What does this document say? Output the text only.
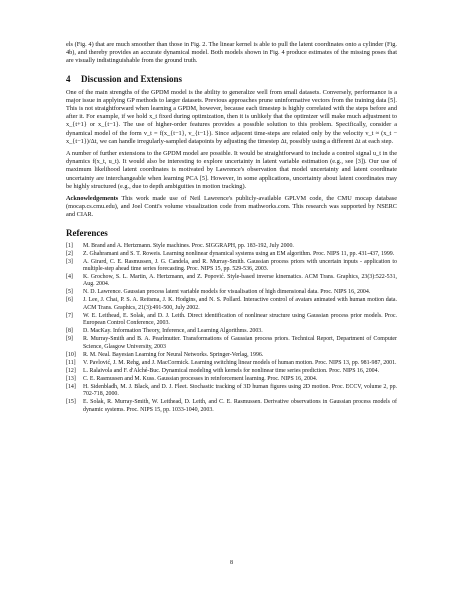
els (Fig. 4) that are much smoother than those in Fig. 2. The linear kernel is able to pull the latent coordinates onto a cylinder (Fig. 4b), and thereby provides an accurate dynamical model. Both models shown in Fig. 4 produce estimates of the missing poses that are visually indistinguishable from the ground truth.

4 Discussion and Extensions

One of the main strengths of the GPDM model is the ability to generalize well from small datasets. Conversely, performance is a major issue in applying GP methods to larger datasets. Previous approaches prune uninformative vectors from the training data [5]. This is not straightforward when learning a GPDM, however, because each timestep is highly correlated with the steps before and after it. For example, if we hold x_t fixed during optimization, then it is unlikely that the optimizer will make much adjustment to x_{t+1} or x_{t−1}. The use of higher-order features provides a possible solution to this problem. Specifically, consider a dynamical model of the form v_t = f(x_{t−1}, v_{t−1}). Since adjacent time-steps are related only by the velocity v_t ≈ (x_t − x_{t−1})/Δt, we can handle irregularly-sampled datapoints by adjusting the timestep Δt, possibly using a different Δt at each step.

A number of further extensions to the GPDM model are possible. It would be straightforward to include a control signal u_t in the dynamics f(x_t, u_t). It would also be interesting to explore uncertainty in latent variable estimation (e.g., see [3]). Our use of maximum likelihood latent coordinates is motivated by Lawrence's observation that model uncertainty and latent coordinate uncertainty are interchangeable when learning PCA [5]. However, in some applications, uncertainty about latent coordinates may be highly structured (e.g., due to depth ambiguities in motion tracking).

Acknowledgements This work made use of Neil Lawrence's publicly-available GPLVM code, the CMU mocap database (mocap.cs.cmu.edu), and Joel Conti's volume visualization code from mathworks.com. This research was supported by NSERC and CIAR.

References
[1]	M. Brand and A. Hertzmann. Style machines. Proc. SIGGRAPH, pp. 183-192, July 2000.
[2]	Z. Ghahramani and S. T. Roweis. Learning nonlinear dynamical systems using an EM algorithm. Proc. NIPS 11, pp. 431-437, 1999.
[3]	A. Girard, C. E. Rasmussen, J. G. Candela, and R. Murray-Smith. Gaussian process priors with uncertain inputs - application to multiple-step ahead time series forecasting. Proc. NIPS 15, pp. 529-536, 2003.
[4]	K. Grochow, S. L. Martin, A. Hertzmann, and Z. Popović. Style-based inverse kinematics. ACM Trans. Graphics, 23(3):522-531, Aug. 2004.
[5]	N. D. Lawrence. Gaussian process latent variable models for visualisation of high dimensional data. Proc. NIPS 16, 2004.
[6]	J. Lee, J. Chai, P. S. A. Reitsma, J. K. Hodgins, and N. S. Pollard. Interactive control of avatars animated with human motion data. ACM Trans. Graphics, 21(3):491-500, July 2002.
[7]	W. E. Leithead, E. Solak, and D. J. Leith. Direct identification of nonlinear structure using Gaussian process prior models. Proc. European Control Conference, 2003.
[8]	D. MacKay. Information Theory, Inference, and Learning Algorithms. 2003.
[9]	R. Murray-Smith and B. A. Pearlmutter. Transformations of Gaussian process priors. Technical Report, Department of Computer Science, Glasgow University, 2003
[10]	R. M. Neal. Bayesian Learning for Neural Networks. Springer-Verlag, 1996.
[11]	V. Pavlović, J. M. Rehg, and J. MacCormick. Learning switching linear models of human motion. Proc. NIPS 13, pp. 981-987, 2001.
[12]	L. Ralaivola and F. d'Alché-Buc. Dynamical modeling with kernels for nonlinear time series prediction. Proc. NIPS 16, 2004.
[13]	C. E. Rasmussen and M. Kuss. Gaussian processes in reinforcement learning. Proc. NIPS 16, 2004.
[14]	H. Sidenbladh, M. J. Black, and D. J. Fleet. Stochastic tracking of 3D human figures using 2D motion. Proc. ECCV, volume 2, pp. 702-718, 2000.
[15]	E. Solak, R. Murray-Smith, W. Leithead, D. Leith, and C. E. Rasmussen. Derivative observations in Gaussian process models of dynamic systems. Proc. NIPS 15, pp. 1033-1040, 2003.
8
